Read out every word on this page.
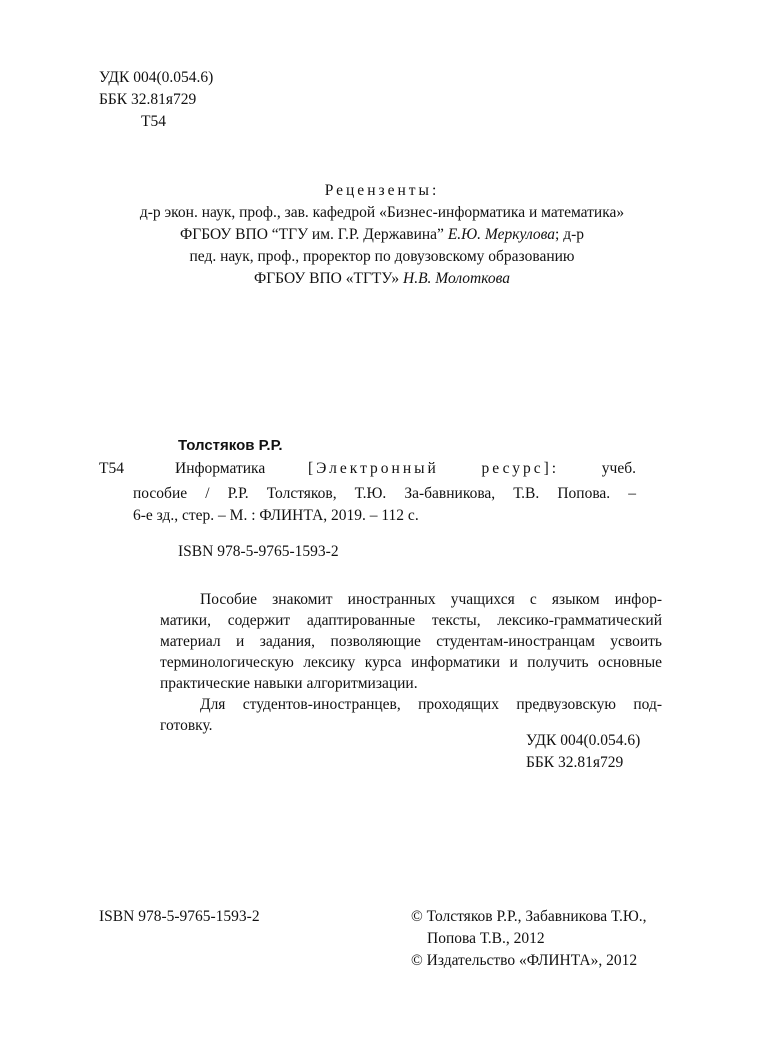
УДК 004(0.054.6)
ББК 32.81я729
Т54
Рецензенты:
д-р экон. наук, проф., зав. кафедрой «Бизнес-информатика и математика»
ФГБОУ ВПО “ТГУ им. Г.Р. Державина” Е.Ю. Меркулова; д-р
пед. наук, проф., проректор по довузовскому образованию
ФГБОУ ВПО «ТГТУ» Н.В. Молоткова
Толстяков Р.Р.
Т54	Информатика	[Электронный	ресурс]:	учеб.
пособие / Р.Р. Толстяков, Т.Ю. За-бавникова, Т.В. Попова. –
6-е зд., стер. – М. : ФЛИНТА, 2019. – 112 с.
ISBN 978-5-9765-1593-2

Пособие знакомит иностранных учащихся с языком инфор-

матики, содержит адаптированные тексты, лексико-грамматический

материал и задания, позволяющие студентам-иностранцам усвоить

терминологическую лексику курса информатики и получить основные

практические навыки алгоритмизации.

Для студентов-иностранцев, проходящих предвузовскую под-

готовку.

УДК 004(0.054.6)
ББК 32.81я729
ISBN 978-5-9765-1593-2	© Толстяков Р.Р., Забавникова Т.Ю.,
Попова Т.В., 2012
© Издательство «ФЛИНТА», 2012
